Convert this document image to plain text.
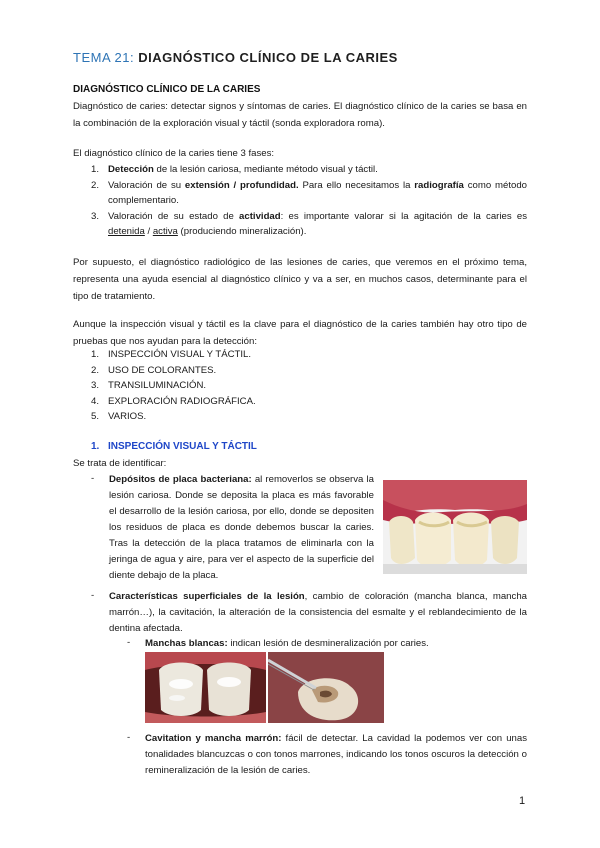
TEMA 21: DIAGNÓSTICO CLÍNICO DE LA CARIES
DIAGNÓSTICO CLÍNICO DE LA CARIES
Diagnóstico de caries: detectar signos y síntomas de caries. El diagnóstico clínico de la caries se basa en la combinación de la exploración visual y táctil (sonda exploradora roma).
El diagnóstico clínico de la caries tiene 3 fases:
1. Detección de la lesión cariosa, mediante método visual y táctil.
2. Valoración de su extensión / profundidad. Para ello necesitamos la radiografía como método complementario.
3. Valoración de su estado de actividad: es importante valorar si la agitación de la caries es detenida / activa (produciendo mineralización).
Por supuesto, el diagnóstico radiológico de las lesiones de caries, que veremos en el próximo tema, representa una ayuda esencial al diagnóstico clínico y va a ser, en muchos casos, determinante para el tipo de tratamiento.
Aunque la inspección visual y táctil es la clave para el diagnóstico de la caries también hay otro tipo de pruebas que nos ayudan para la detección:
1. INSPECCIÓN VISUAL Y TÁCTIL.
2. USO DE COLORANTES.
3. TRANSILUMINACIÓN.
4. EXPLORACIÓN RADIOGRÁFICA.
5. VARIOS.
1. INSPECCIÓN VISUAL Y TÁCTIL
Se trata de identificar:
- Depósitos de placa bacteriana: al removerlos se observa la lesión cariosa. Donde se deposita la placa es más favorable el desarrollo de la lesión cariosa, por ello, donde se depositen los residuos de placa es donde debemos buscar la caries. Tras la detección de la placa tratamos de eliminarla con la jeringa de agua y aire, para ver el aspecto de la superficie del diente debajo de la placa.
- Características superficiales de la lesión, cambio de coloración (mancha blanca, mancha marrón…), la cavitación, la alteración de la consistencia del esmalte y el reblandecimiento de la dentina afectada.
- Manchas blancas: indican lesión de desmineralización por caries.
- Cavitation y mancha marrón: fácil de detectar. La cavidad la podemos ver con unas tonalidades blancuzcas o con tonos marrones, indicando los tonos oscuros la detección o remineralización de la lesión de caries.
1
